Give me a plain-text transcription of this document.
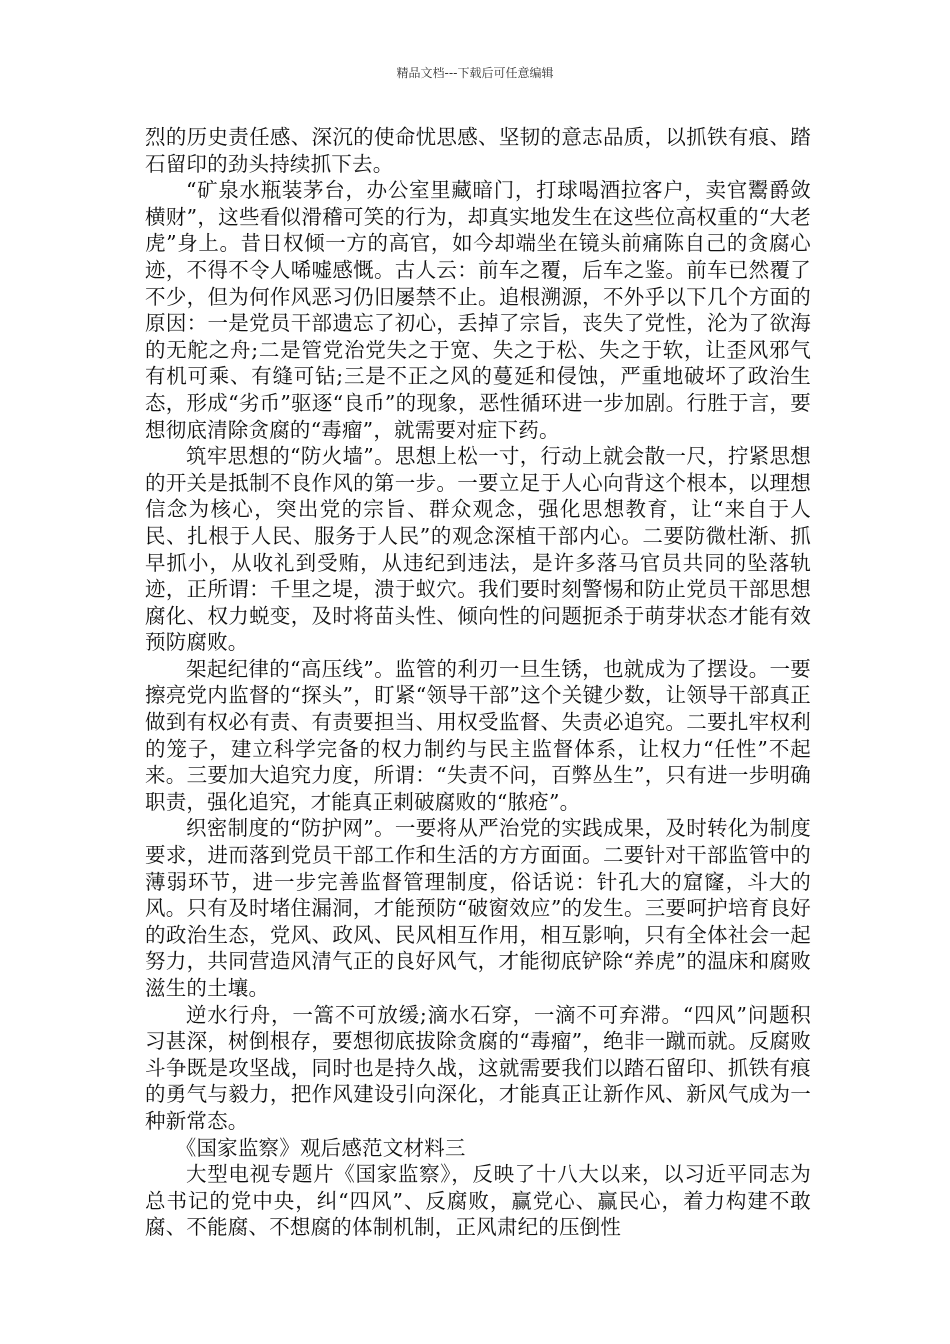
精品文档---下载后可任意编辑

烈的历史责任感、深沉的使命忧思感、坚韧的意志品质，以抓铁有痕、踏石留印的劲头持续抓下去。

“矿泉水瓶装茅台，办公室里藏暗门，打球喝酒拉客户，卖官鬻爵敛横财”，这些看似滑稽可笑的行为，却真实地发生在这些位高权重的“大老虎”身上。昔日权倾一方的高官，如今却端坐在镜头前痛陈自己的贪腐心迹，不得不令人唏嘘感慨。古人云：前车之覆，后车之鉴。前车已然覆了不少，但为何作风恶习仍旧屡禁不止。追根溯源，不外乎以下几个方面的原因：一是党员干部遗忘了初心，丢掉了宗旨，丧失了党性，沦为了欲海的无舵之舟;二是管党治党失之于宽、失之于松、失之于软，让歪风邪气有机可乘、有缝可钻;三是不正之风的蔓延和侵蚀，严重地破坏了政治生态，形成“劣币”驱逐“良币”的现象，恶性循环进一步加剧。行胜于言，要想彻底清除贪腐的“毒瘤”，就需要对症下药。

筑牢思想的“防火墙”。思想上松一寸，行动上就会散一尺，拧紧思想的开关是抵制不良作风的第一步。一要立足于人心向背这个根本，以理想信念为核心，突出党的宗旨、群众观念，强化思想教育，让“来自于人民、扎根于人民、服务于人民”的观念深植干部内心。二要防微杜渐、抓早抓小，从收礼到受贿，从违纪到违法，是许多落马官员共同的坠落轨迹，正所谓：千里之堤，溃于蚁穴。我们要时刻警惕和防止党员干部思想腐化、权力蜕变，及时将苗头性、倾向性的问题扼杀于萌芽状态才能有效预防腐败。

架起纪律的“高压线”。监管的利刃一旦生锈，也就成为了摆设。一要擦亮党内监督的“探头”，盯紧“领导干部”这个关键少数，让领导干部真正做到有权必有责、有责要担当、用权受监督、失责必追究。二要扎牢权利的笼子，建立科学完备的权力制约与民主监督体系，让权力“任性”不起来。三要加大追究力度，所谓：“失责不问，百弊丛生”，只有进一步明确职责，强化追究，才能真正刺破腐败的“脓疮”。

织密制度的“防护网”。一要将从严治党的实践成果，及时转化为制度要求，进而落到党员干部工作和生活的方方面面。二要针对干部监管中的薄弱环节，进一步完善监督管理制度，俗话说：针孔大的窟窿，斗大的风。只有及时堵住漏洞，才能预防“破窗效应”的发生。三要呵护培育良好的政治生态，党风、政风、民风相互作用，相互影响，只有全体社会一起努力，共同营造风清气正的良好风气，才能彻底铲除“养虎”的温床和腐败滋生的土壤。

逆水行舟，一篙不可放缓;滴水石穿，一滴不可弃滞。“四风”问题积习甚深，树倒根存，要想彻底拔除贪腐的“毒瘤”，绝非一蹴而就。反腐败斗争既是攻坚战，同时也是持久战，这就需要我们以踏石留印、抓铁有痕的勇气与毅力，把作风建设引向深化，才能真正让新作风、新风气成为一种新常态。

《国家监察》观后感范文材料三

大型电视专题片《国家监察》，反映了十八大以来，以习近平同志为总书记的党中央，纠“四风”、反腐败，赢党心、赢民心，着力构建不敢腐、不能腐、不想腐的体制机制，正风肃纪的压倒性
